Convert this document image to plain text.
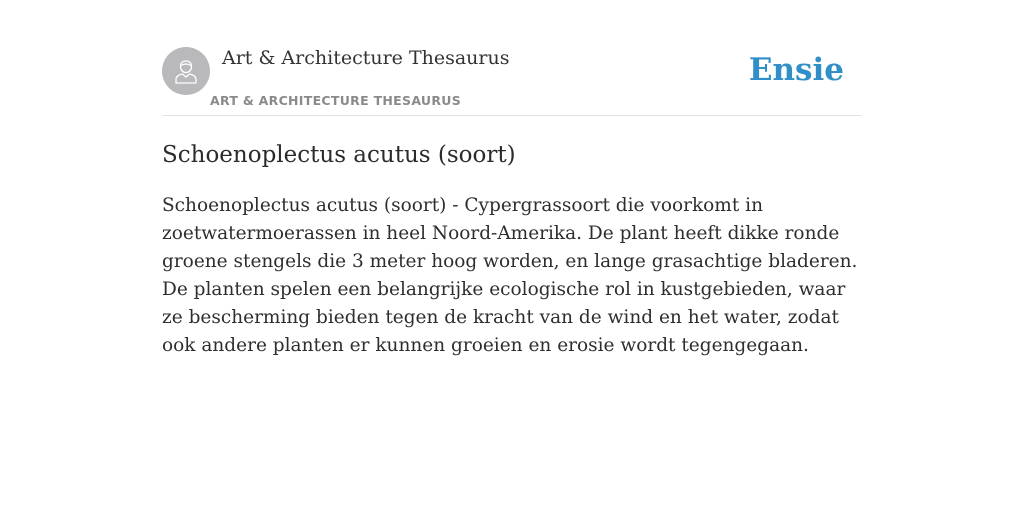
Art & Architecture Thesaurus
ART & ARCHITECTURE THESAURUS
Ensie
Schoenoplectus acutus (soort)

Schoenoplectus acutus (soort) - Cypergrassoort die voorkomt in zoetwatermoerassen in heel Noord-Amerika. De plant heeft dikke ronde groene stengels die 3 meter hoog worden, en lange grasachtige bladeren. De planten spelen een belangrijke ecologische rol in kustgebieden, waar ze bescherming bieden tegen de kracht van de wind en het water, zodat ook andere planten er kunnen groeien en erosie wordt tegengegaan.
